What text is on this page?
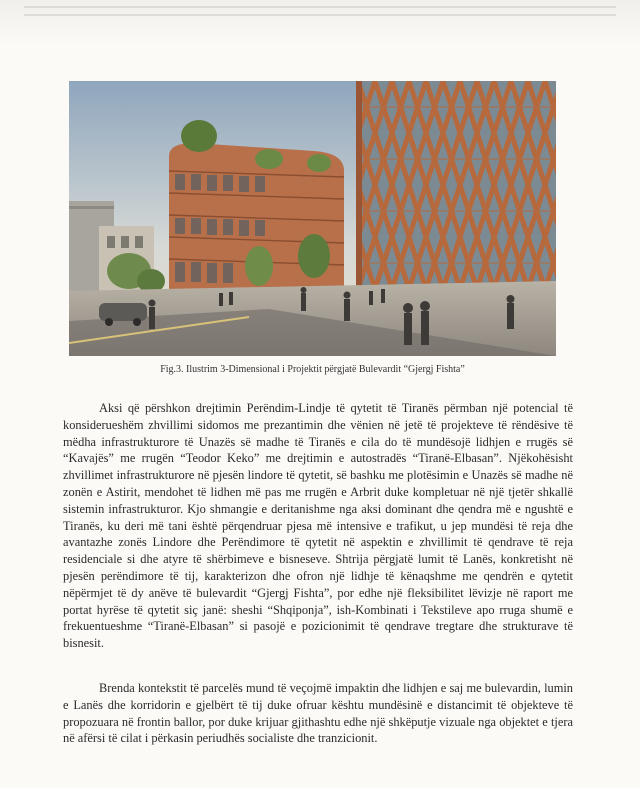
Fig.3. Ilustrim 3-Dimensional i Projektit përgjatë Bulevardit “Gjergj Fishta”

Aksi që përshkon drejtimin Perëndim-Lindje të qytetit të Tiranës përmban një potencial të konsiderueshëm zhvillimi sidomos me prezantimin dhe vënien në jetë të projekteve të rëndësive të mëdha infrastrukturore të Unazës së madhe të Tiranës e cila do të mundësojë lidhjen e rrugës së “Kavajës” me rrugën “Teodor Keko” me drejtimin e autostradës “Tiranë-Elbasan”. Njëkohësisht zhvillimet infrastrukturore në pjesën lindore të qytetit, së bashku me plotësimin e Unazës së madhe në zonën e Astirit, mendohet të lidhen më pas me rrugën e Arbrit duke kompletuar në një tjetër shkallë sistemin infrastrukturor. Kjo shmangie e deritanishme nga aksi dominant dhe qendra më e ngushtë e Tiranës, ku deri më tani është përqendruar pjesa më intensive e trafikut, u jep mundësi të reja dhe avantazhe zonës Lindore dhe Perëndimore të qytetit në aspektin e zhvillimit të qendrave të reja residenciale si dhe atyre të shërbimeve e bisneseve. Shtrija përgjatë lumit të Lanës, konkretisht në pjesën perëndimore të tij, karakterizon dhe ofron një lidhje të kënaqshme me qendrën e qytetit nëpërmjet të dy anëve të bulevardit “Gjergj Fishta”, por edhe një fleksibilitet lëvizje në raport me portat hyrëse të qytetit siç janë: sheshi “Shqiponja”, ish-Kombinati i Tekstileve apo rruga shumë e frekuentueshme “Tiranë-Elbasan” si pasojë e pozicionimit të qendrave tregtare dhe strukturave të bisnesit.

Brenda kontekstit të parcelës mund të veçojmë impaktin dhe lidhjen e saj me bulevardin, lumin e Lanës dhe korridorin e gjelbërt të tij duke ofruar kështu mundësinë e distancimit të objekteve të propozuara në frontin ballor, por duke krijuar gjithashtu edhe një shkëputje vizuale nga objektet e tjera në afërsi të cilat i përkasin periudhës socialiste dhe tranzicionit.
